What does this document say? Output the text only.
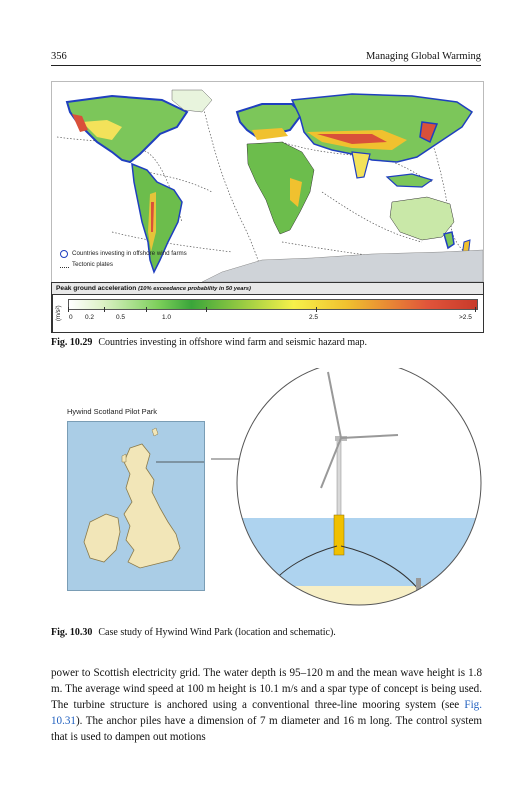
356	Managing Global Warming
Countries investing in offshore wind farms
Tectonic plates
Peak ground acceleration (10% exceedance probability in 50 years)
(m/s²)	0 0.2	0.5	1.0	2.5	>2.5
Fig. 10.29 Countries investing in offshore wind farm and seismic hazard map.
Hywind Scotland Pilot Park
Fig. 10.30 Case study of Hywind Wind Park (location and schematic).

power to Scottish electricity grid. The water depth is 95–120 m and the mean wave height is 1.8 m. The average wind speed at 100 m height is 10.1 m/s and a spar type of concept is being used. The turbine structure is anchored using a conventional three-line mooring system (see Fig. 10.31). The anchor piles have a dimension of 7 m diameter and 16 m long. The control system that is used to dampen out motions
